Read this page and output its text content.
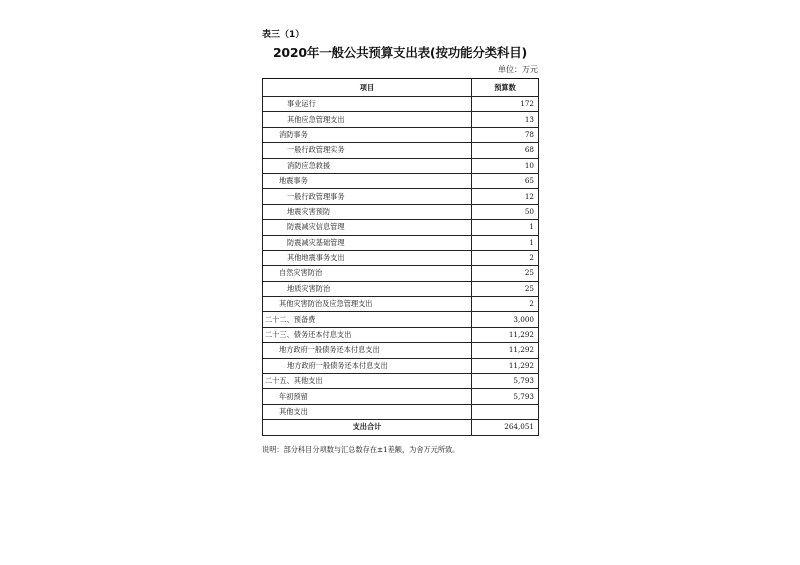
表三（1）
2020年一般公共预算支出表(按功能分类科目)
单位：万元
项目	预算数
事业运行	172
其他应急管理支出	13
消防事务	78
一般行政管理实务	68
消防应急救援	10
地震事务	65
一般行政管理事务	12
地震灾害预防	50
防震减灾信息管理	1
防震减灾基础管理	1
其他地震事务支出	2
自然灾害防治	25
地质灾害防治	25
其他灾害防治及应急管理支出	2
二十二、预备费	3,000
二十三、债务还本付息支出	11,292
地方政府一般债务还本付息支出	11,292
地方政府一般债务还本付息支出	11,292
二十五、其他支出	5,793
年初预留	5,793
其他支出	
支出合计	264,051
说明：部分科目分项数与汇总数存在±1差额，为舍万元所致。
